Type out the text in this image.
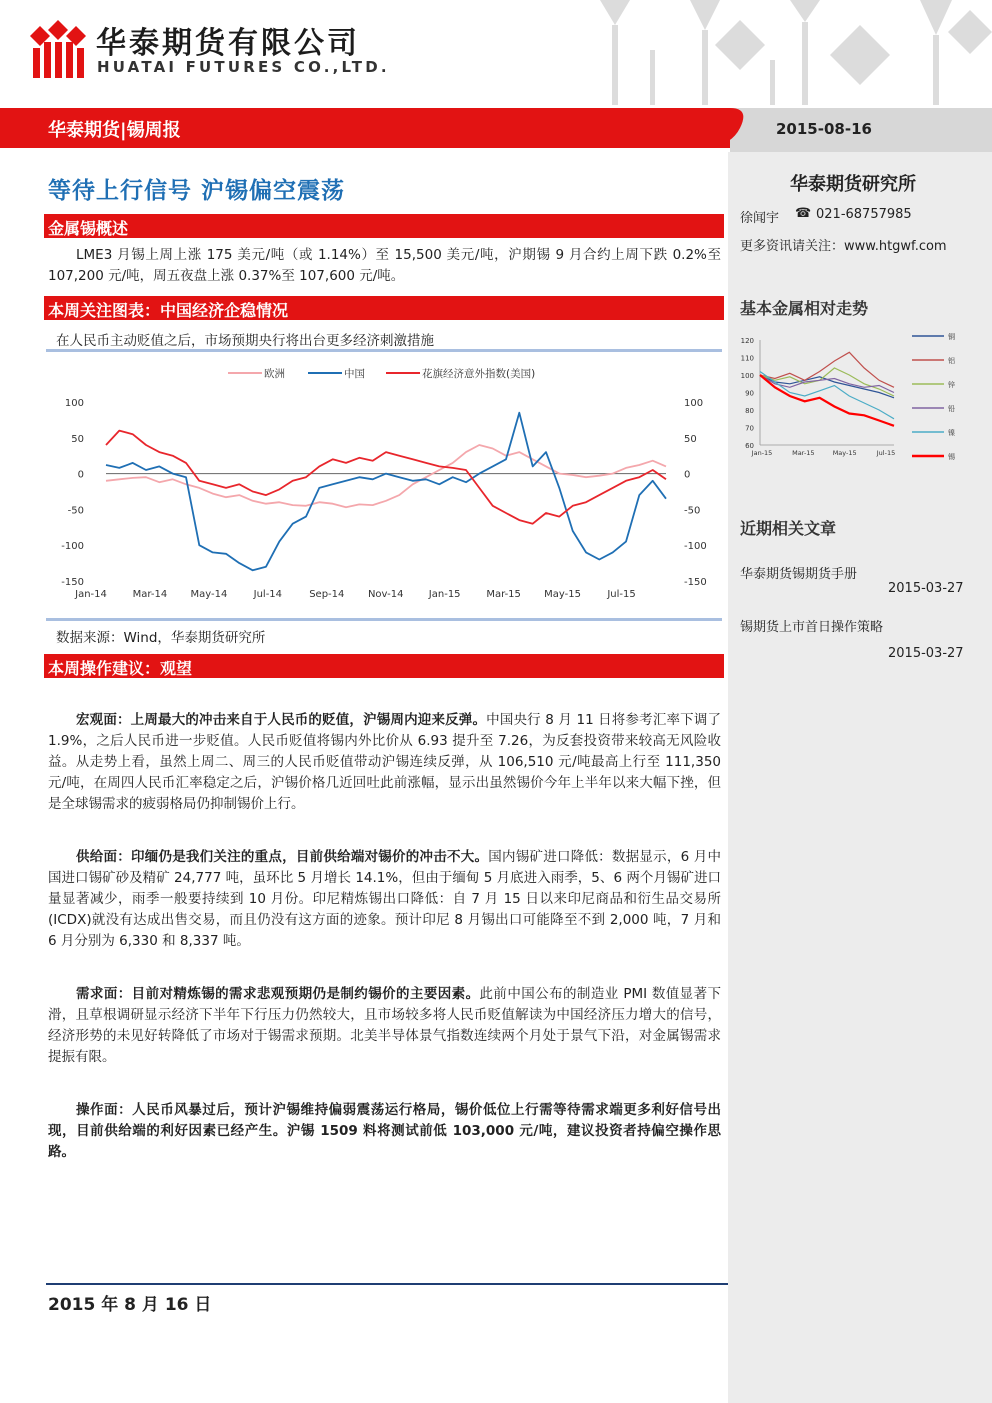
华泰期货有限公司
HUATAI FUTURES CO.,LTD.
华泰期货|锡周报	2015-08-16
华泰期货研究所
徐闻宇 ☎ 021-68757985
更多资讯请关注：www.htgwf.com
基本金属相对走势
120
110
100
90
80
70
60
Jan-15	Mar-15	May-15	Jul-15
铜
铝
锌
铅
镍
锡
近期相关文章
华泰期货锡期货手册
2015-03-27
锡期货上市首日操作策略
2015-03-27
等待上行信号 沪锡偏空震荡
金属锡概述
LME3 月锡上周上涨 175 美元/吨（或 1.14%）至 15,500 美元/吨，沪期锡 9 月合约上周下跌 0.2%至 107,200 元/吨，周五夜盘上涨 0.37%至 107,600 元/吨。
本周关注图表：中国经济企稳情况
在人民币主动贬值之后，市场预期央行将出台更多经济刺激措施
100	100
50	50
0	0
-50	-50
-100	-100
-150	-150
Jan-14	Mar-14 May-14	Jul-14	Sep-14 Nov-14	Jan-15	Mar-15 May-15	Jul-15
欧洲	中国	花旗经济意外指数(美国)
数据来源：Wind，华泰期货研究所
本周操作建议：观望
宏观面：上周最大的冲击来自于人民币的贬值，沪锡周内迎来反弹。中国央行 8 月 11 日将参考汇率下调了 1.9%，之后人民币进一步贬值。人民币贬值将锡内外比价从 6.93 提升至 7.26，为反套投资带来较高无风险收益。从走势上看，虽然上周二、周三的人民币贬值带动沪锡连续反弹，从 106,510 元/吨最高上行至 111,350 元/吨，在周四人民币汇率稳定之后，沪锡价格几近回吐此前涨幅，显示出虽然锡价今年上半年以来大幅下挫，但是全球锡需求的疲弱格局仍抑制锡价上行。
供给面：印缅仍是我们关注的重点，目前供给端对锡价的冲击不大。国内锡矿进口降低：数据显示，6 月中国进口锡矿砂及精矿 24,777 吨，虽环比 5 月增长 14.1%，但由于缅甸 5 月底进入雨季，5、6 两个月锡矿进口量显著减少，雨季一般要持续到 10 月份。印尼精炼锡出口降低：自 7 月 15 日以来印尼商品和衍生品交易所(ICDX)就没有达成出售交易，而且仍没有这方面的迹象。预计印尼 8 月锡出口可能降至不到 2,000 吨，7 月和 6 月分别为 6,330 和 8,337 吨。
需求面：目前对精炼锡的需求悲观预期仍是制约锡价的主要因素。此前中国公布的制造业 PMI 数值显著下滑，且草根调研显示经济下半年下行压力仍然较大，且市场较多将人民币贬值解读为中国经济压力增大的信号，经济形势的未见好转降低了市场对于锡需求预期。北美半导体景气指数连续两个月处于景气下沿，对金属锡需求提振有限。
操作面：人民币风暴过后，预计沪锡维持偏弱震荡运行格局，锡价低位上行需等待需求端更多利好信号出现，目前供给端的利好因素已经产生。沪锡 1509 料将测试前低 103,000 元/吨，建议投资者持偏空操作思路。
2015 年 8 月 16 日
